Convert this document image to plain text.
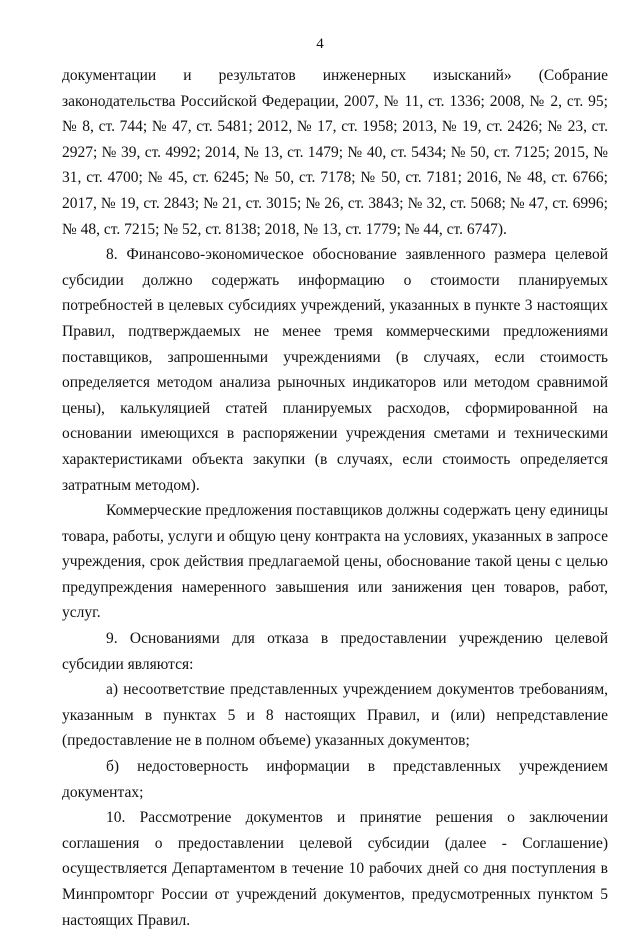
4

документации и результатов инженерных изысканий» (Собрание законодательства Российской Федерации, 2007, № 11, ст. 1336; 2008, № 2, ст. 95; № 8, ст. 744; № 47, ст. 5481; 2012, № 17, ст. 1958; 2013, № 19, ст. 2426; № 23, ст. 2927; № 39, ст. 4992; 2014, № 13, ст. 1479; № 40, ст. 5434; № 50, ст. 7125; 2015, № 31, ст. 4700; № 45, ст. 6245; № 50, ст. 7178; № 50, ст. 7181; 2016, № 48, ст. 6766; 2017, № 19, ст. 2843; № 21, ст. 3015; № 26, ст. 3843; № 32, ст. 5068; № 47, ст. 6996; № 48, ст. 7215; № 52, ст. 8138; 2018, № 13, ст. 1779; № 44, ст. 6747).

8. Финансово-экономическое обоснование заявленного размера целевой субсидии должно содержать информацию о стоимости планируемых потребностей в целевых субсидиях учреждений, указанных в пункте 3 настоящих Правил, подтверждаемых не менее тремя коммерческими предложениями поставщиков, запрошенными учреждениями (в случаях, если стоимость определяется методом анализа рыночных индикаторов или методом сравнимой цены), калькуляцией статей планируемых расходов, сформированной на основании имеющихся в распоряжении учреждения сметами и техническими характеристиками объекта закупки (в случаях, если стоимость определяется затратным методом).

Коммерческие предложения поставщиков должны содержать цену единицы товара, работы, услуги и общую цену контракта на условиях, указанных в запросе учреждения, срок действия предлагаемой цены, обоснование такой цены с целью предупреждения намеренного завышения или занижения цен товаров, работ, услуг.

9. Основаниями для отказа в предоставлении учреждению целевой субсидии являются:

а) несоответствие представленных учреждением документов требованиям, указанным в пунктах 5 и 8 настоящих Правил, и (или) непредставление (предоставление не в полном объеме) указанных документов;

б) недостоверность информации в представленных учреждением документах;

10. Рассмотрение документов и принятие решения о заключении соглашения о предоставлении целевой субсидии (далее - Соглашение) осуществляется Департаментом в течение 10 рабочих дней со дня поступления в Минпромторг России от учреждений документов, предусмотренных пунктом 5 настоящих Правил.
